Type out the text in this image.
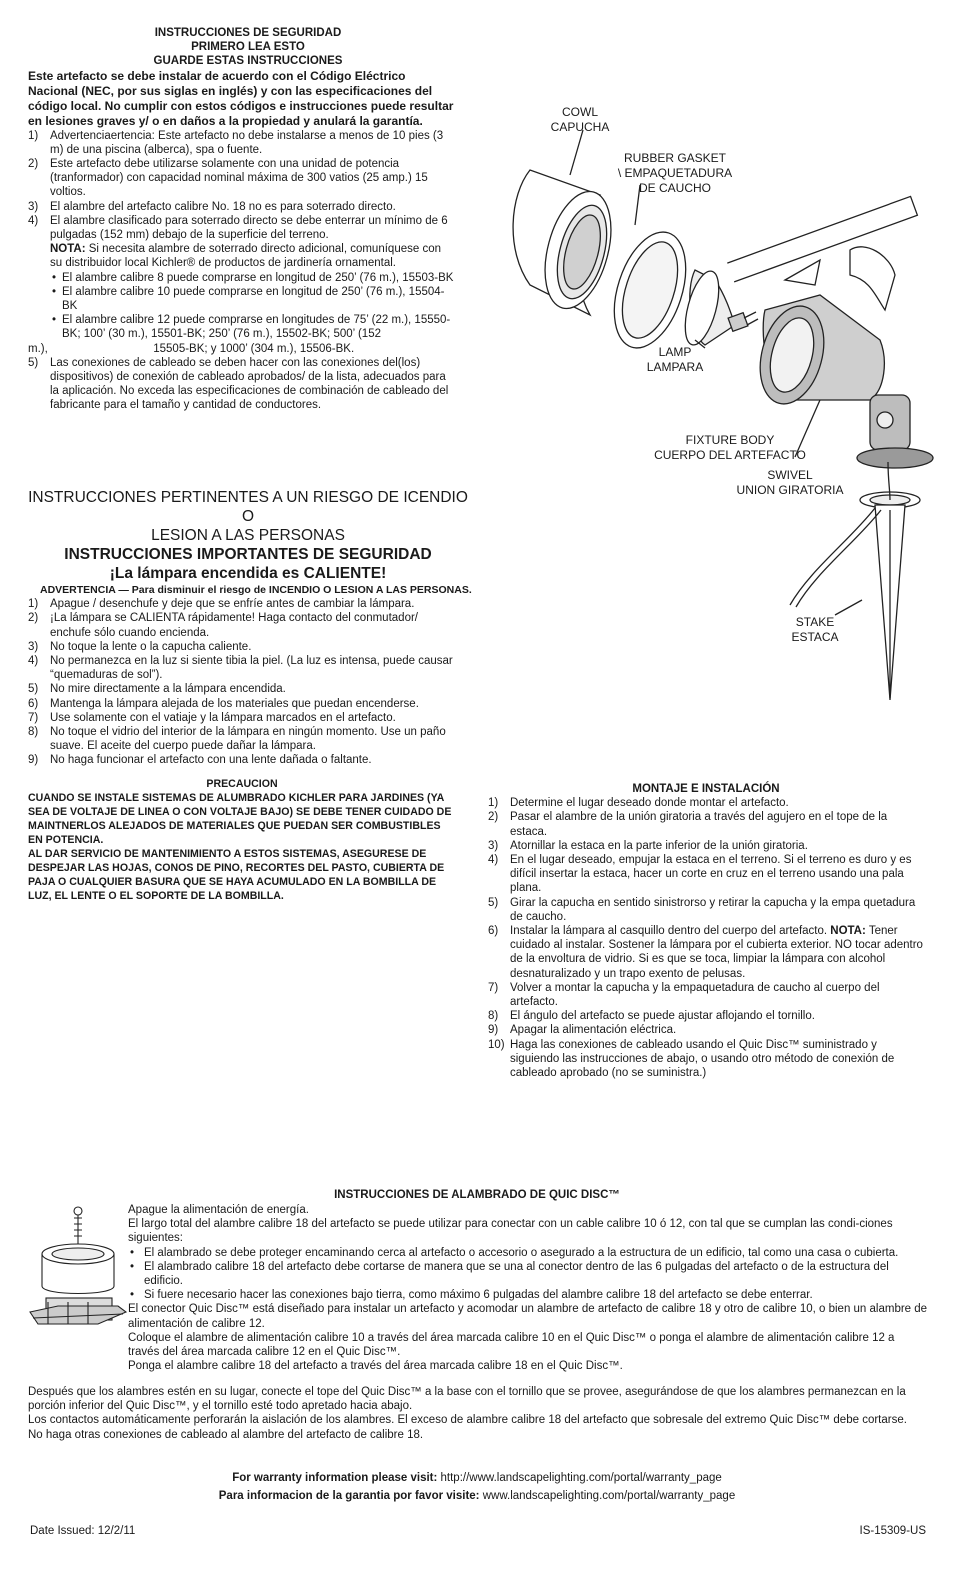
INSTRUCCIONES DE SEGURIDAD
PRIMERO LEA ESTO
GUARDE ESTAS INSTRUCCIONES
Este artefacto se debe instalar de acuerdo con el Código Eléctrico Nacional (NEC, por sus siglas en inglés) y con las especificaciones del código local. No cumplir con estos códigos e instrucciones puede resultar en lesiones graves y/ o en daños a la propiedad y anulará la garantía.
1) Advertenciaertencia: Este artefacto no debe instalarse a menos de 10 pies (3 m) de una piscina (alberca), spa o fuente.
2) Este artefacto debe utilizarse solamente con una unidad de potencia (tranformador) con capacidad nominal máxima de 300 vatios (25 amp.) 15 voltios.
3) El alambre del artefacto calibre No. 18 no es para soterrado directo.
4) El alambre clasificado para soterrado directo se debe enterrar un mínimo de 6 pulgadas (152 mm) debajo de la superficie del terreno.
NOTA: Si necesita alambre de soterrado directo adicional, comuníquese con su distribuidor local Kichler® de productos de jardinería ornamental.
• El alambre calibre 8 puede comprarse en longitud de 250’ (76 m.), 15503-BK
• El alambre calibre 10 puede comprarse en longitud de 250’ (76 m.), 15504-BK
• El alambre calibre 12 puede comprarse en longitudes de 75’ (22 m.), 15550-BK; 100’ (30 m.), 15501-BK; 250’ (76 m.), 15502-BK; 500’ (152
m.),                                 15505-BK; y 1000’ (304 m.), 15506-BK.
5) Las conexiones de cableado se deben hacer con las conexiones del(los) dispositivos) de conexión de cableado aprobados/ de la lista, adecuados para la aplicación. No exceda las especificaciones de combinación de cableado del fabricante para el tamaño y cantidad de conductores.
INSTRUCCIONES PERTINENTES A UN RIESGO DE ICENDIO O
LESION A LAS PERSONAS
INSTRUCCIONES IMPORTANTES DE SEGURIDAD
¡La lámpara encendida es CALIENTE!
ADVERTENCIA — Para disminuir el riesgo de INCENDIO O LESION A LAS PERSONAS.
1) Apague / desenchufe y deje que se enfríe antes de cambiar la lámpara.
2) ¡La lámpara se CALIENTA rápidamente! Haga contacto del conmutador/ enchufe sólo cuando encienda.
3) No toque la lente o la capucha caliente.
4) No permanezca en la luz si siente tibia la piel. (La luz es intensa, puede causar “quemaduras de sol”).
5) No mire directamente a la lámpara encendida.
6) Mantenga la lámpara alejada de los materiales que puedan encenderse.
7) Use solamente con el vatiaje y la lámpara marcados en el artefacto.
8) No toque el vidrio del interior de la lámpara en ningún momento. Use un paño suave. El aceite del cuerpo puede dañar la lámpara.
9) No haga funcionar el artefacto con una lente dañada o faltante.
PRECAUCION
CUANDO SE INSTALE SISTEMAS DE ALUMBRADO KICHLER PARA JARDINES (YA SEA DE VOLTAJE DE LINEA O CON VOLTAJE BAJO) SE DEBE TENER CUIDADO DE MAINTNERLOS ALEJADOS DE MATERIALES QUE PUEDAN SER COMBUSTIBLES EN POTENCIA.
AL DAR SERVICIO DE MANTENIMIENTO A ESTOS SISTEMAS, ASEGURESE DE DESPEJAR LAS HOJAS, CONOS DE PINO, RECORTES DEL PASTO, CUBIERTA DE PAJA O CUALQUIER BASURA QUE SE HAYA ACUMULADO EN LA BOMBILLA DE LUZ, EL LENTE O EL SOPORTE DE LA BOMBILLA.
COWL
CAPUCHA
RUBBER GASKET
\ EMPAQUETADURA
DE CAUCHO
LAMP
LAMPARA
FIXTURE BODY
CUERPO DEL ARTEFACTO
SWIVEL
UNION GIRATORIA
STAKE
ESTACA
MONTAJE E INSTALACIÓN
1) Determine el lugar deseado donde montar el artefacto.
2) Pasar el alambre de la unión giratoria a través del agujero en el tope de la estaca.
3) Atornillar la estaca en la parte inferior de la unión giratoria.
4) En el lugar deseado, empujar la estaca en el terreno. Si el terreno es duro y es difícil insertar la estaca, hacer un corte en cruz en el terreno usando una pala plana.
5) Girar la capucha en sentido sinistrorso y retirar la capucha y la empa quetadura de caucho.
6) Instalar la lámpara al casquillo dentro del cuerpo del artefacto. NOTA: Tener cuidado al instalar. Sostener la lámpara por el cubierta exterior. NO tocar adentro de la envoltura de vidrio. Si es que se toca, limpiar la lámpara con alcohol desnaturalizado y un trapo exento de pelusas.
7) Volver a montar la capucha y la empaquetadura de caucho al cuerpo del artefacto.
8) El ángulo del artefacto se puede ajustar aflojando el tornillo.
9) Apagar la alimentación eléctrica.
10) Haga las conexiones de cableado usando el Quic Disc™ suministrado y siguiendo las instrucciones de abajo, o usando otro método de conexión de cableado aprobado (no se suministra.)
INSTRUCCIONES DE ALAMBRADO DE QUIC DISC™
Apague la alimentación de energía.
El largo total del alambre calibre 18 del artefacto se puede utilizar para conectar con un cable calibre 10 ó 12, con tal que se cumplan las condi-ciones siguientes:
• El alambrado se debe proteger encaminando cerca al artefacto o accesorio o asegurado a la estructura de un edificio, tal como una casa o cubierta.
• El alambrado calibre 18 del artefacto debe cortarse de manera que se una al conector dentro de las 6 pulgadas del artefacto o de la estructura del edificio.
• Si fuere necesario hacer las conexiones bajo tierra, como máximo 6 pulgadas del alambre calibre 18 del artefacto se debe enterrar.
El conector Quic Disc™ está diseñado para instalar un artefacto y acomodar un alambre de artefacto de calibre 18 y otro de calibre 10, o bien un alambre de alimentación de calibre 12.
Coloque el alambre de alimentación calibre 10 a través del área marcada calibre 10 en el Quic Disc™ o ponga el alambre de alimentación calibre 12 a través del área marcada calibre 12 en el Quic Disc™.
Ponga el alambre calibre 18 del artefacto a través del área marcada calibre 18 en el Quic Disc™.
Después que los alambres estén en su lugar, conecte el tope del Quic Disc™ a la base con el tornillo que se provee, asegurándose de que los alambres permanezcan en la porción inferior del Quic Disc™, y el tornillo esté todo apretado hacia abajo.
Los contactos automáticamente perforarán la aislación de los alambres. El exceso de alambre calibre 18 del artefacto que sobresale del extremo Quic Disc™ debe cortarse.
No haga otras conexiones de cableado al alambre del artefacto de calibre 18.
For warranty information please visit: http://www.landscapelighting.com/portal/warranty_page
Para informacion de la garantia por favor visite: www.landscapelighting.com/portal/warranty_page
Date Issued: 12/2/11	IS-15309-US
